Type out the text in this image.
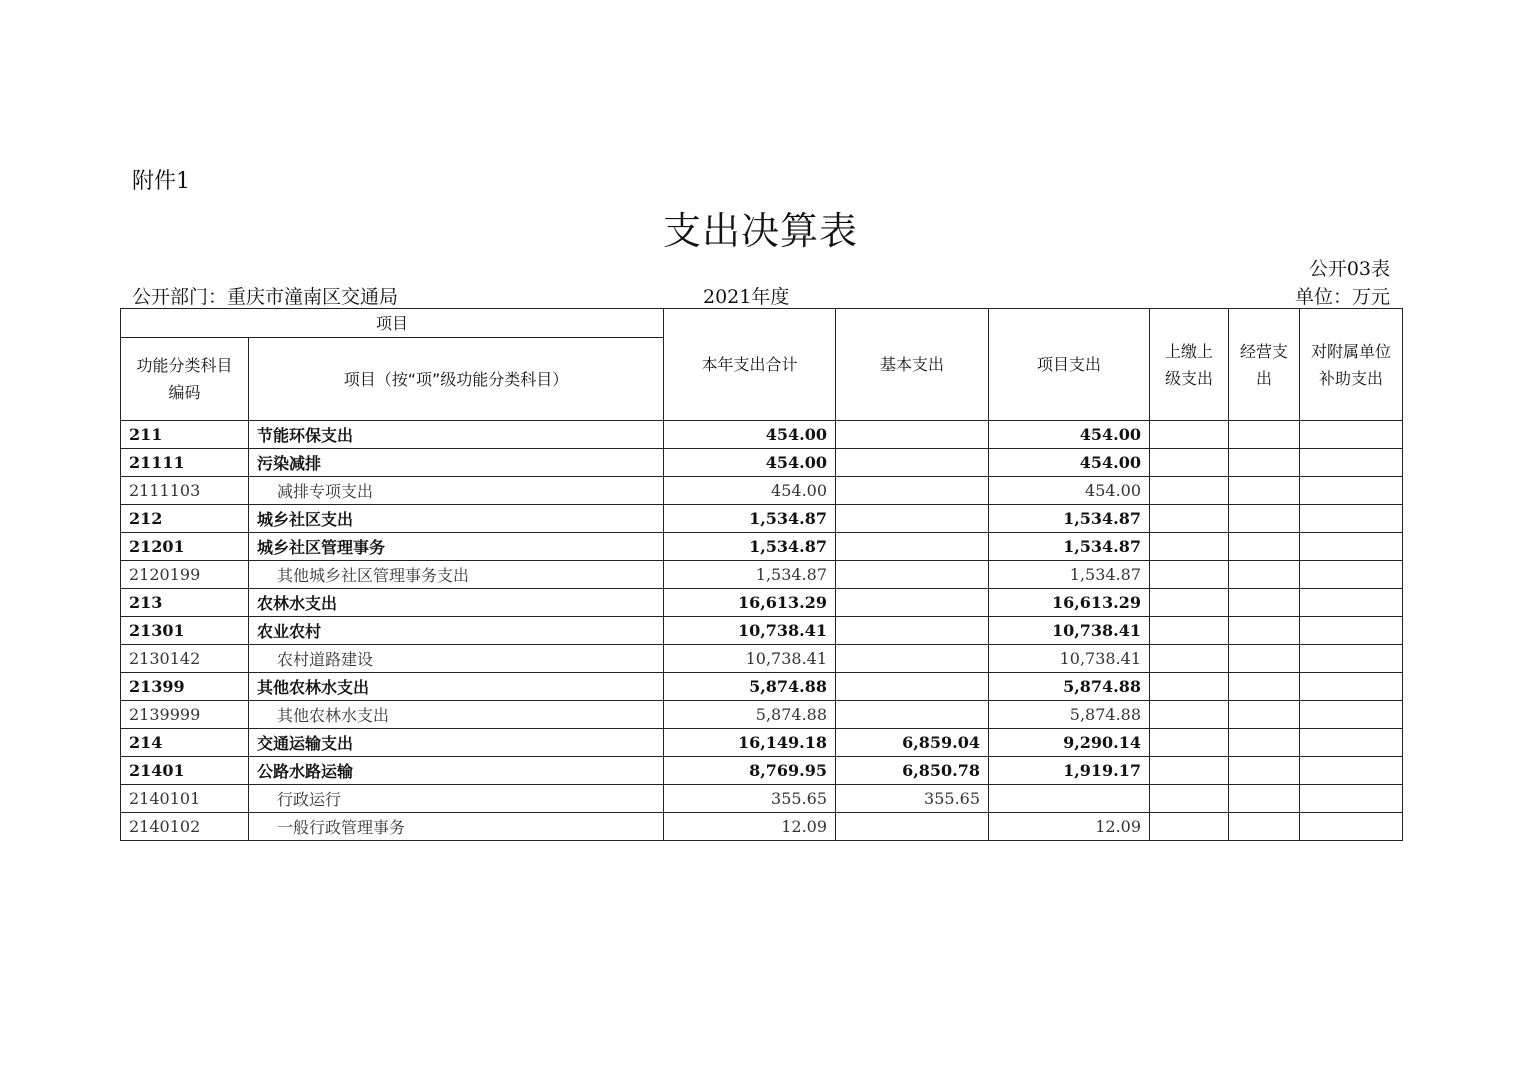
附件1
支出决算表
公开03表
公开部门：重庆市潼南区交通局	2021年度	单位：万元
项目		本年支出合计	基本支出	项目支出	上缴上级支出	经营支出	对附属单位补助支出
功能分类科目编码	项目（按“项”级功能分类科目）						
211	节能环保支出	454.00		454.00			
21111	污染减排	454.00		454.00			
2111103	减排专项支出	454.00		454.00			
212	城乡社区支出	1,534.87		1,534.87			
21201	城乡社区管理事务	1,534.87		1,534.87			
2120199	其他城乡社区管理事务支出	1,534.87		1,534.87			
213	农林水支出	16,613.29		16,613.29			
21301	农业农村	10,738.41		10,738.41			
2130142	农村道路建设	10,738.41		10,738.41			
21399	其他农林水支出	5,874.88		5,874.88			
2139999	其他农林水支出	5,874.88		5,874.88			
214	交通运输支出	16,149.18	6,859.04	9,290.14			
21401	公路水路运输	8,769.95	6,850.78	1,919.17			
2140101	行政运行	355.65	355.65				
2140102	一般行政管理事务	12.09		12.09			
